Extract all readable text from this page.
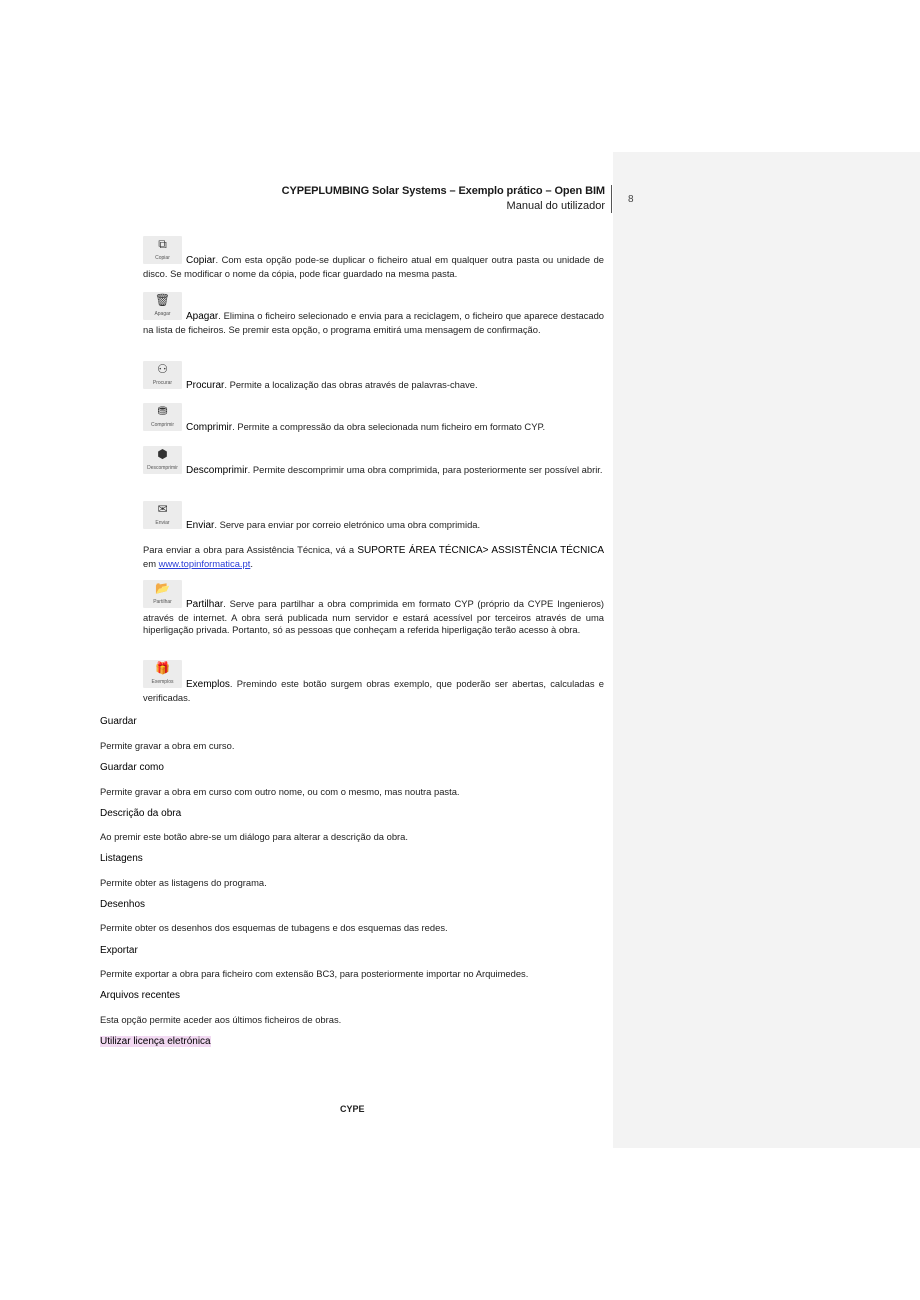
8
CYPEPLUMBING Solar Systems – Exemplo prático – Open BIM
Manual do utilizador
⧉
Copiar	Copiar. Com esta opção pode-se duplicar o ficheiro atual em qualquer outra pasta ou unidade de disco. Se modificar o nome da cópia, pode ficar guardado na mesma pasta.
🗑
Apagar	Apagar. Elimina o ficheiro selecionado e envia para a reciclagem, o ficheiro que aparece destacado na lista de ficheiros. Se premir esta opção, o programa emitirá uma mensagem de confirmação.
⚇
Procurar	Procurar. Permite a localização das obras através de palavras-chave.
⛃
Comprimir	Comprimir. Permite a compressão da obra selecionada num ficheiro em formato CYP.
⬢
Descomprimir Descomprimir. Permite descomprimir uma obra comprimida, para posteriormente ser possível abrir.
✉
Enviar	Enviar. Serve para enviar por correio eletrónico uma obra comprimida.
Para enviar a obra para Assistência Técnica, vá a SUPORTE ÁREA TÉCNICA> ASSISTÊNCIA TÉCNICA em www.topinformatica.pt.
📂
Partilhar	Partilhar. Serve para partilhar a obra comprimida em formato CYP (próprio da CYPE Ingenieros) através de internet. A obra será publicada num servidor e estará acessível por terceiros através de uma hiperligação privada. Portanto, só as pessoas que conheçam a referida hiperligação terão acesso à obra.
🎁
Exemplos	Exemplos. Premindo este botão surgem obras exemplo, que poderão ser abertas, calculadas e verificadas.
Guardar
Permite gravar a obra em curso.
Guardar como
Permite gravar a obra em curso com outro nome, ou com o mesmo, mas noutra pasta.
Descrição da obra
Ao premir este botão abre-se um diálogo para alterar a descrição da obra.
Listagens
Permite obter as listagens do programa.
Desenhos
Permite obter os desenhos dos esquemas de tubagens e dos esquemas das redes.
Exportar
Permite exportar a obra para ficheiro com extensão BC3, para posteriormente importar no Arquimedes.
Arquivos recentes
Esta opção permite aceder aos últimos ficheiros de obras.
Utilizar licença eletrónica
CYPE
